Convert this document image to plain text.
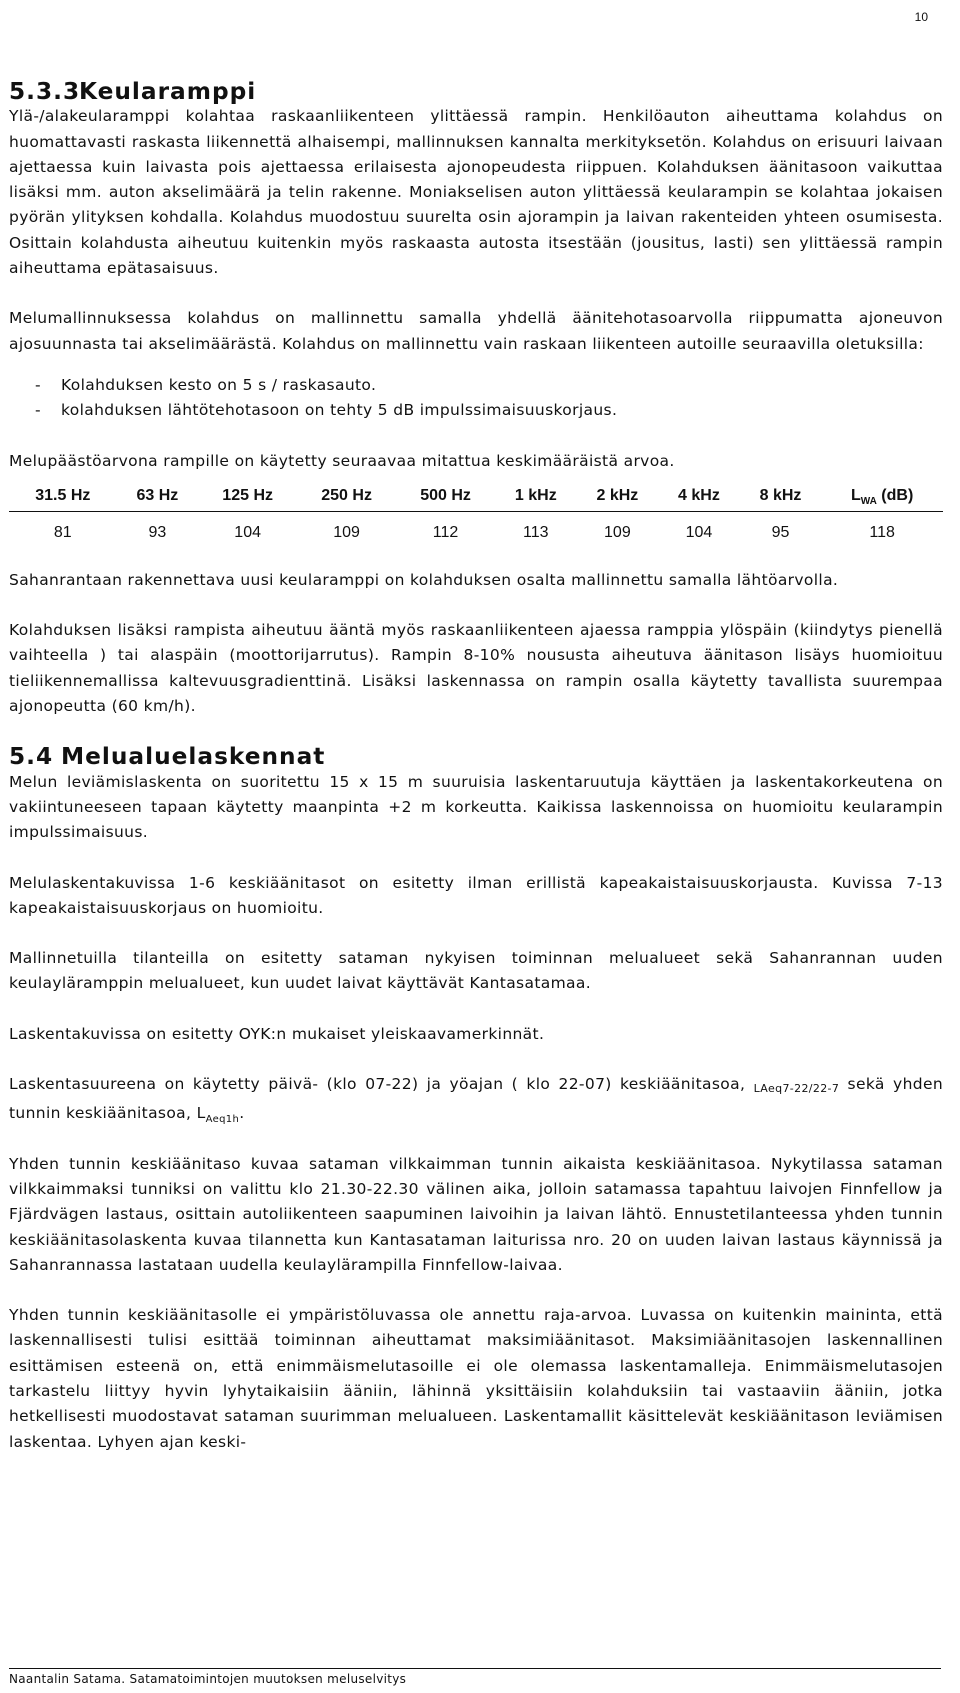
10
5.3.3Keularamppi

Ylä-/alakeularamppi kolahtaa raskaanliikenteen ylittäessä rampin. Henkilöauton aiheuttama kolahdus on huomattavasti raskasta liikennettä alhaisempi, mallinnuksen kannalta merkityksetön. Kolahdus on erisuuri laivaan ajettaessa kuin laivasta pois ajettaessa erilaisesta ajonopeudesta riippuen. Kolahduksen äänitasoon vaikuttaa lisäksi mm. auton akselimäärä ja telin rakenne. Moniakselisen auton ylittäessä keularampin se kolahtaa jokaisen pyörän ylityksen kohdalla. Kolahdus muodostuu suurelta osin ajorampin ja laivan rakenteiden yhteen osumisesta. Osittain kolahdusta aiheutuu kuitenkin myös raskaasta autosta itsestään (jousitus, lasti) sen ylittäessä rampin aiheuttama epätasaisuus.

Melumallinnuksessa kolahdus on mallinnettu samalla yhdellä äänitehotasoarvolla riippumatta ajoneuvon ajosuunnasta tai akselimäärästä. Kolahdus on mallinnettu vain raskaan liikenteen autoille seuraavilla oletuksilla:

-	Kolahduksen kesto on 5 s / raskasauto.
-	kolahduksen lähtötehotasoon on tehty 5 dB impulssimaisuuskorjaus.

Melupäästöarvona rampille on käytetty seuraavaa mitattua keskimääräistä arvoa.

31.5 Hz	63 Hz	125 Hz	250 Hz	500 Hz	1 kHz	2 kHz	4 kHz	8 kHz	$L_{WA}$ (dB)
81	93	104	109	112	113	109	104	95	118

Sahanrantaan rakennettava uusi keularamppi on kolahduksen osalta mallinnettu samalla lähtöarvolla.

Kolahduksen lisäksi rampista aiheutuu ääntä myös raskaanliikenteen ajaessa ramppia ylöspäin (kiindytys pienellä vaihteella ) tai alaspäin (moottorijarrutus). Rampin 8-10% noususta aiheutuva äänitason lisäys huomioituu tieliikennemallissa kaltevuusgradienttinä. Lisäksi laskennassa on rampin osalla käytetty tavallista suurempaa ajonopeutta (60 km/h).

5.4 Melualuelaskennat

Melun leviämislaskenta on suoritettu 15 x 15 m suuruisia laskentaruutuja käyttäen ja laskentakorkeutena on vakiintuneeseen tapaan käytetty maanpinta +2 m korkeutta. Kaikissa laskennoissa on huomioitu keularampin impulssimaisuus.

Melulaskentakuvissa 1-6 keskiäänitasot on esitetty ilman erillistä kapeakaistaisuuskorjausta. Kuvissa 7-13 kapeakaistaisuuskorjaus on huomioitu.

Mallinnetuilla tilanteilla on esitetty sataman nykyisen toiminnan melualueet sekä Sahanrannan uuden keulayläramppin melualueet, kun uudet laivat käyttävät Kantasatamaa.

Laskentakuvissa on esitetty OYK:n mukaiset yleiskaavamerkinnät.

Laskentasuureena on käytetty päivä- (klo 07-22) ja yöajan ( klo 22-07) keskiäänitasoa, LAeq7-22/22-7 sekä yhden tunnin keskiäänitasoa, $L_{Aeq1h}$.

Yhden tunnin keskiäänitaso kuvaa sataman vilkkaimman tunnin aikaista keskiäänitasoa. Nykytilassa sataman vilkkaimmaksi tunniksi on valittu klo 21.30-22.30 välinen aika, jolloin satamassa tapahtuu laivojen Finnfellow ja Fjärdvägen lastaus, osittain autoliikenteen saapuminen laivoihin ja laivan lähtö. Ennustetilanteessa yhden tunnin keskiäänitasolaskenta kuvaa tilannetta kun Kantasataman laiturissa nro. 20 on uuden laivan lastaus käynnissä ja Sahanrannassa lastataan uudella keulaylärampilla Finnfellow-laivaa.

Yhden tunnin keskiäänitasolle ei ympäristöluvassa ole annettu raja-arvoa. Luvassa on kuitenkin maininta, että laskennallisesti tulisi esittää toiminnan aiheuttamat maksimiäänitasot. Maksimiäänitasojen laskennallinen esittämisen esteenä on, että enimmäismelutasoille ei ole olemassa laskentamalleja. Enimmäismelutasojen tarkastelu liittyy hyvin lyhytaikaisiin ääniin, lähinnä yksittäisiin kolahduksiin tai vastaaviin ääniin, jotka hetkellisesti muodostavat sataman suurimman melualueen. Laskentamallit käsittelevät keskiäänitason leviämisen laskentaa. Lyhyen ajan keski-

Naantalin Satama. Satamatoimintojen muutoksen meluselvitys
